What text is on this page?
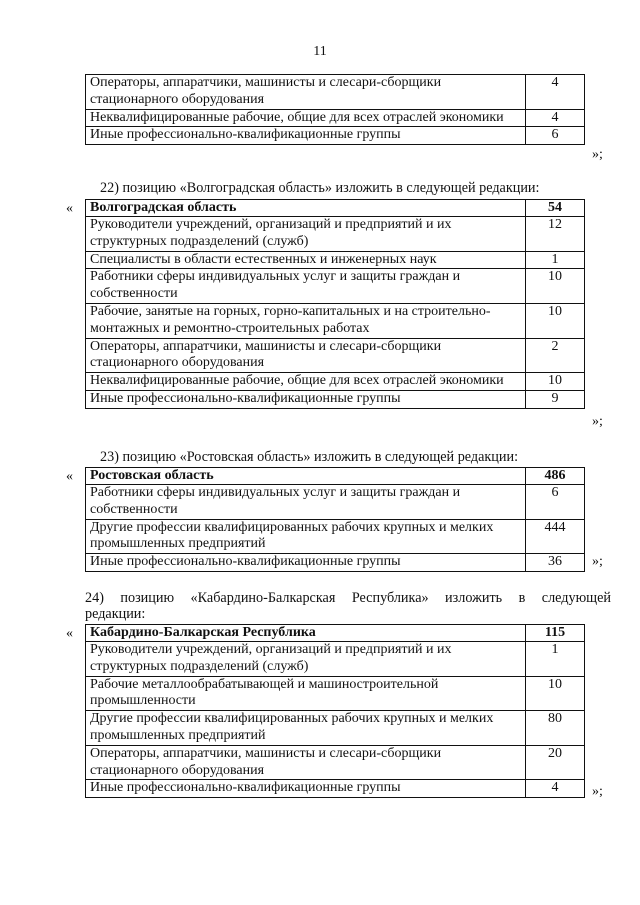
11
Операторы, аппаратчики, машинисты и слесари-сборщики стационарного оборудования	4
Неквалифицированные рабочие, общие для всех отраслей экономики	4
Иные профессионально-квалификационные группы	6
»;
22) позицию «Волгоградская область» изложить в следующей редакции:
« Волгоградская область	54
Руководители учреждений, организаций и предприятий и их структурных подразделений (служб)	12
Специалисты в области естественных и инженерных наук	1
Работники сферы индивидуальных услуг и защиты граждан и собственности	10
Рабочие, занятые на горных, горно-капитальных и на строительно-монтажных и ремонтно-строительных работах	10
Операторы, аппаратчики, машинисты и слесари-сборщики стационарного оборудования	2
Неквалифицированные рабочие, общие для всех отраслей экономики	10
Иные профессионально-квалификационные группы	9
»;
23) позицию «Ростовская область» изложить в следующей редакции:
« Ростовская область	486
Работники сферы индивидуальных услуг и защиты граждан и собственности	6
Другие профессии квалифицированных рабочих крупных и мелких промышленных предприятий	444
Иные профессионально-квалификационные группы	36 »;
24) позицию «Кабардино-Балкарская Республика» изложить в следующей
редакции:
« Кабардино-Балкарская Республика	115
Руководители учреждений, организаций и предприятий и их структурных подразделений (служб)	1
Рабочие металлообрабатывающей и машиностроительной промышленности	10
Другие профессии квалифицированных рабочих крупных и мелких промышленных предприятий	80
Операторы, аппаратчики, машинисты и слесари-сборщики стационарного оборудования	20
Иные профессионально-квалификационные группы	4 »;
